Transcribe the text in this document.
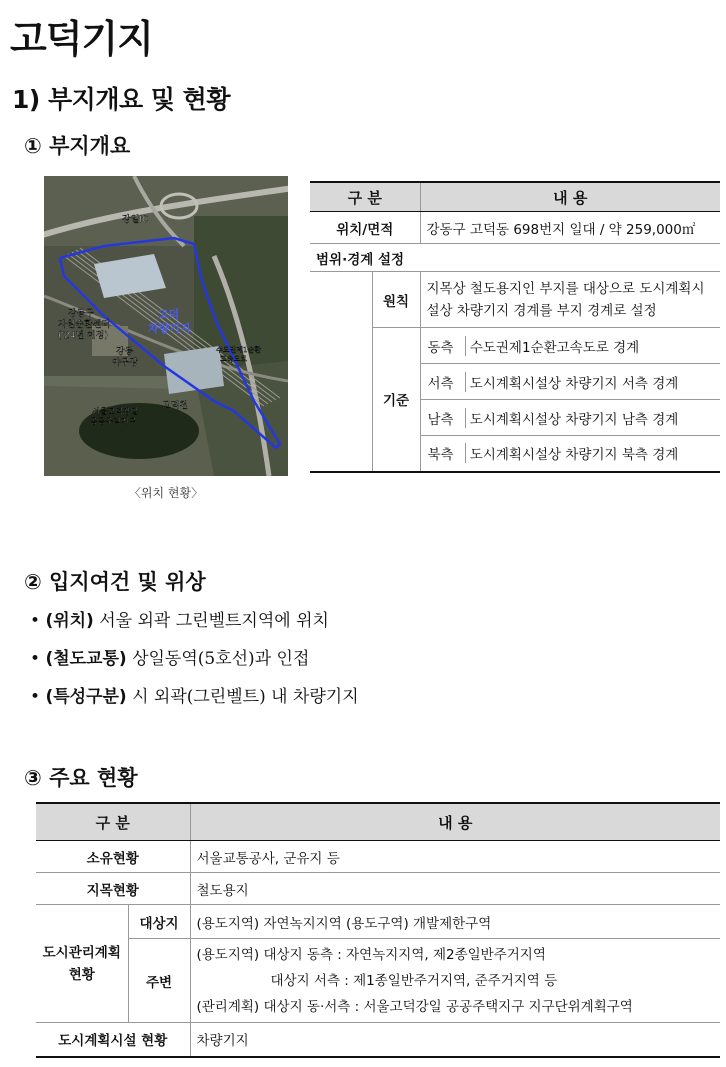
고덕기지
1) 부지개요 및 현황
① 부지개요
강일IC
강동구 자원순환센터 ('24년 예정)
강동 야구장
고덕천
수도권제1순환 고속도로
서울고덕강일 공공주택지구
고덕 차량기지
〈위치 현황〉
구 분		내 용
위치/면적		강동구 고덕동 698번지 일대 / 약 259,000㎡
범위·경계 설정		
	원칙	지목상 철도용지인 부지를 대상으로 도시계획시설상 차량기지 경계를 부지 경계로 설정
	기준	동측 수도권제1순환고속도로 경계
		서측 도시계획시설상 차량기지 서측 경계
		남측 도시계획시설상 차량기지 남측 경계
		북측 도시계획시설상 차량기지 북측 경계
② 입지여건 및 위상
• (위치) 서울 외곽 그린벨트지역에 위치
• (철도교통) 상일동역(5호선)과 인접
• (특성구분) 시 외곽(그린벨트) 내 차량기지
③ 주요 현황
구 분		내 용
소유현황		서울교통공사, 군유지 등
지목현황		철도용지
도시관리계획
현황	대상지	(용도지역) 자연녹지지역 (용도구역) 개발제한구역
	주변	(용도지역) 대상지 동측 : 자연녹지지역, 제2종일반주거지역
대상지 서측 : 제1종일반주거지역, 준주거지역 등
(관리계획) 대상지 동·서측 : 서울고덕강일 공공주택지구 지구단위계획구역

도시계획시설 현황		차량기지
